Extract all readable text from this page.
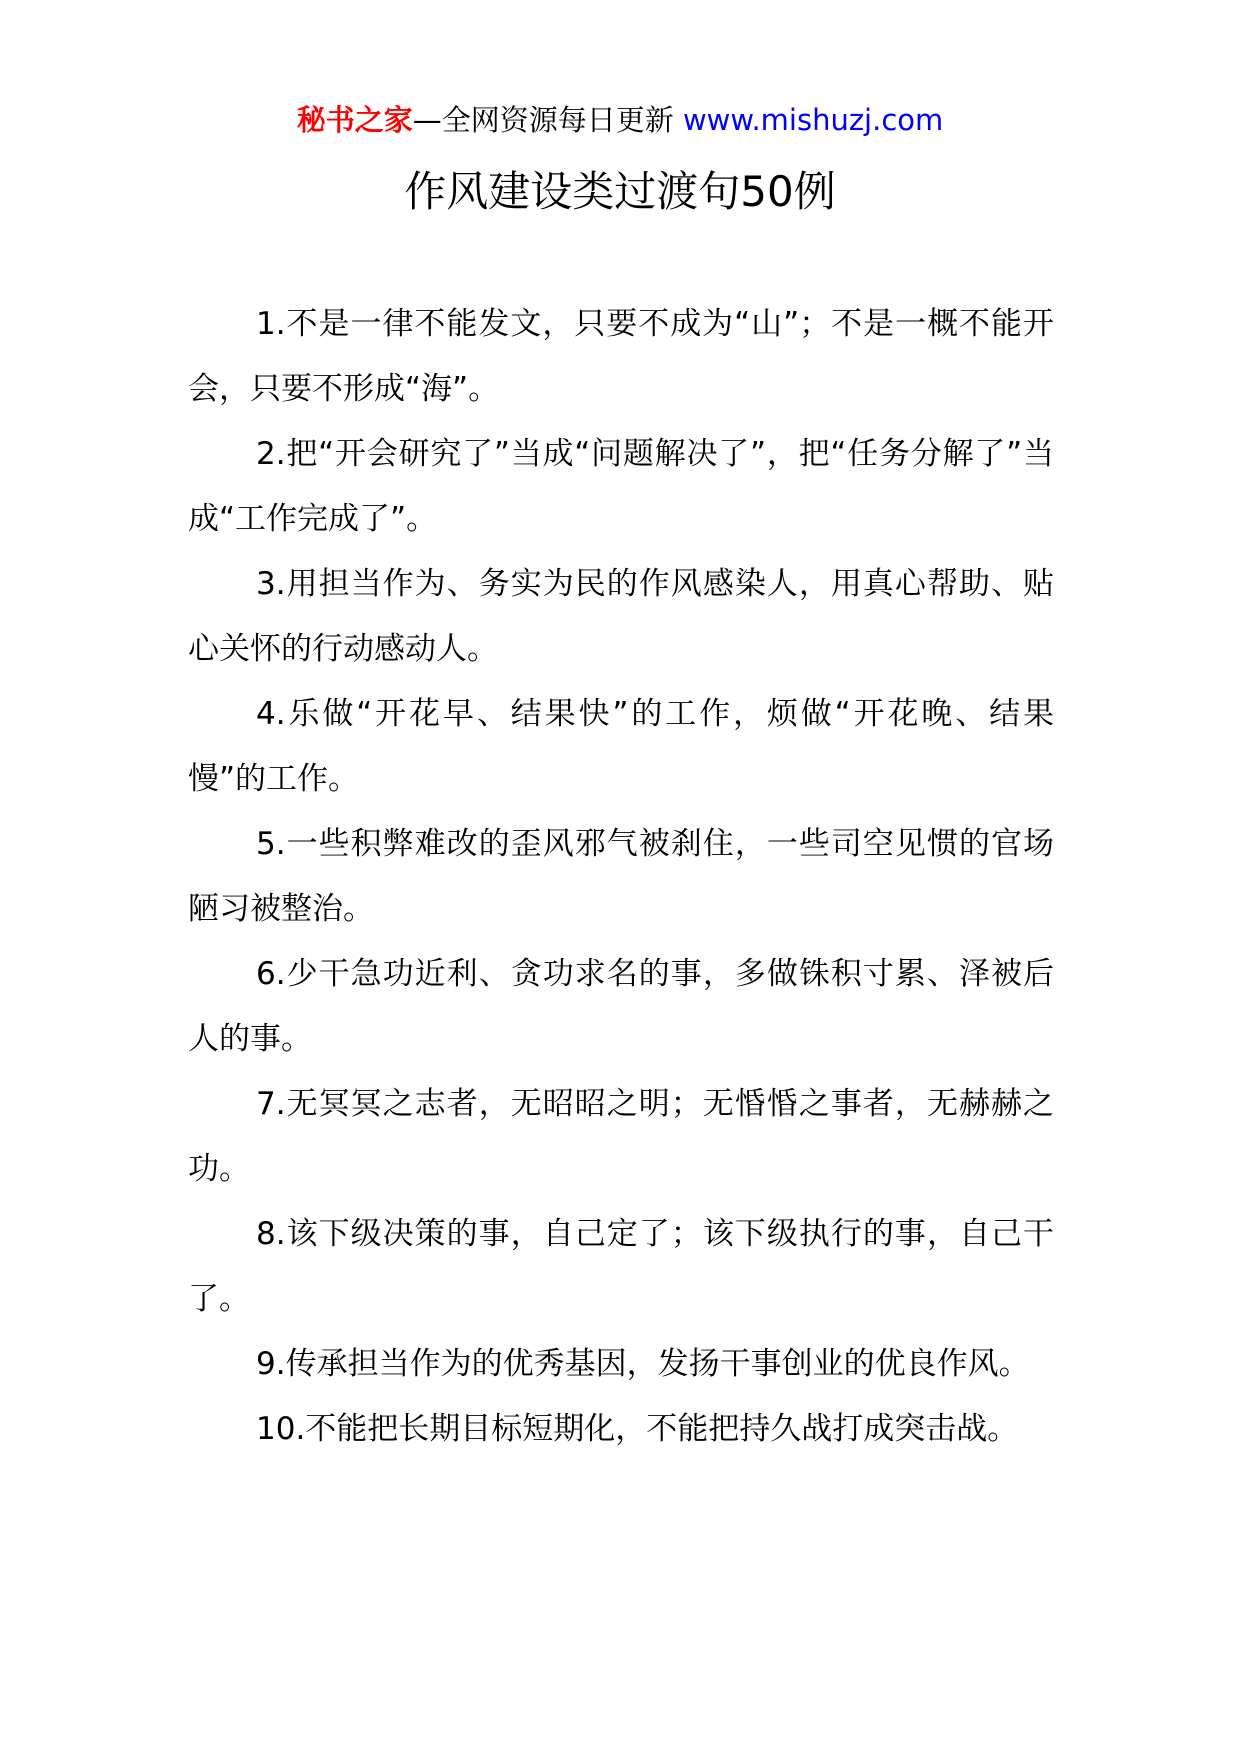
秘书之家—全网资源每日更新 www.mishuzj.com
作风建设类过渡句50例

1.不是一律不能发文，只要不成为“山”；不是一概不能开会，只要不形成“海”。

2.把“开会研究了”当成“问题解决了”，把“任务分解了”当成“工作完成了”。

3.用担当作为、务实为民的作风感染人，用真心帮助、贴心关怀的行动感动人。

4.乐做“开花早、结果快”的工作，烦做“开花晚、结果慢”的工作。

5.一些积弊难改的歪风邪气被刹住，一些司空见惯的官场陋习被整治。

6.少干急功近利、贪功求名的事，多做铢积寸累、泽被后人的事。

7.无冥冥之志者，无昭昭之明；无惛惛之事者，无赫赫之功。

8.该下级决策的事，自己定了；该下级执行的事，自己干了。

9.传承担当作为的优秀基因，发扬干事创业的优良作风。

10.不能把长期目标短期化，不能把持久战打成突击战。
